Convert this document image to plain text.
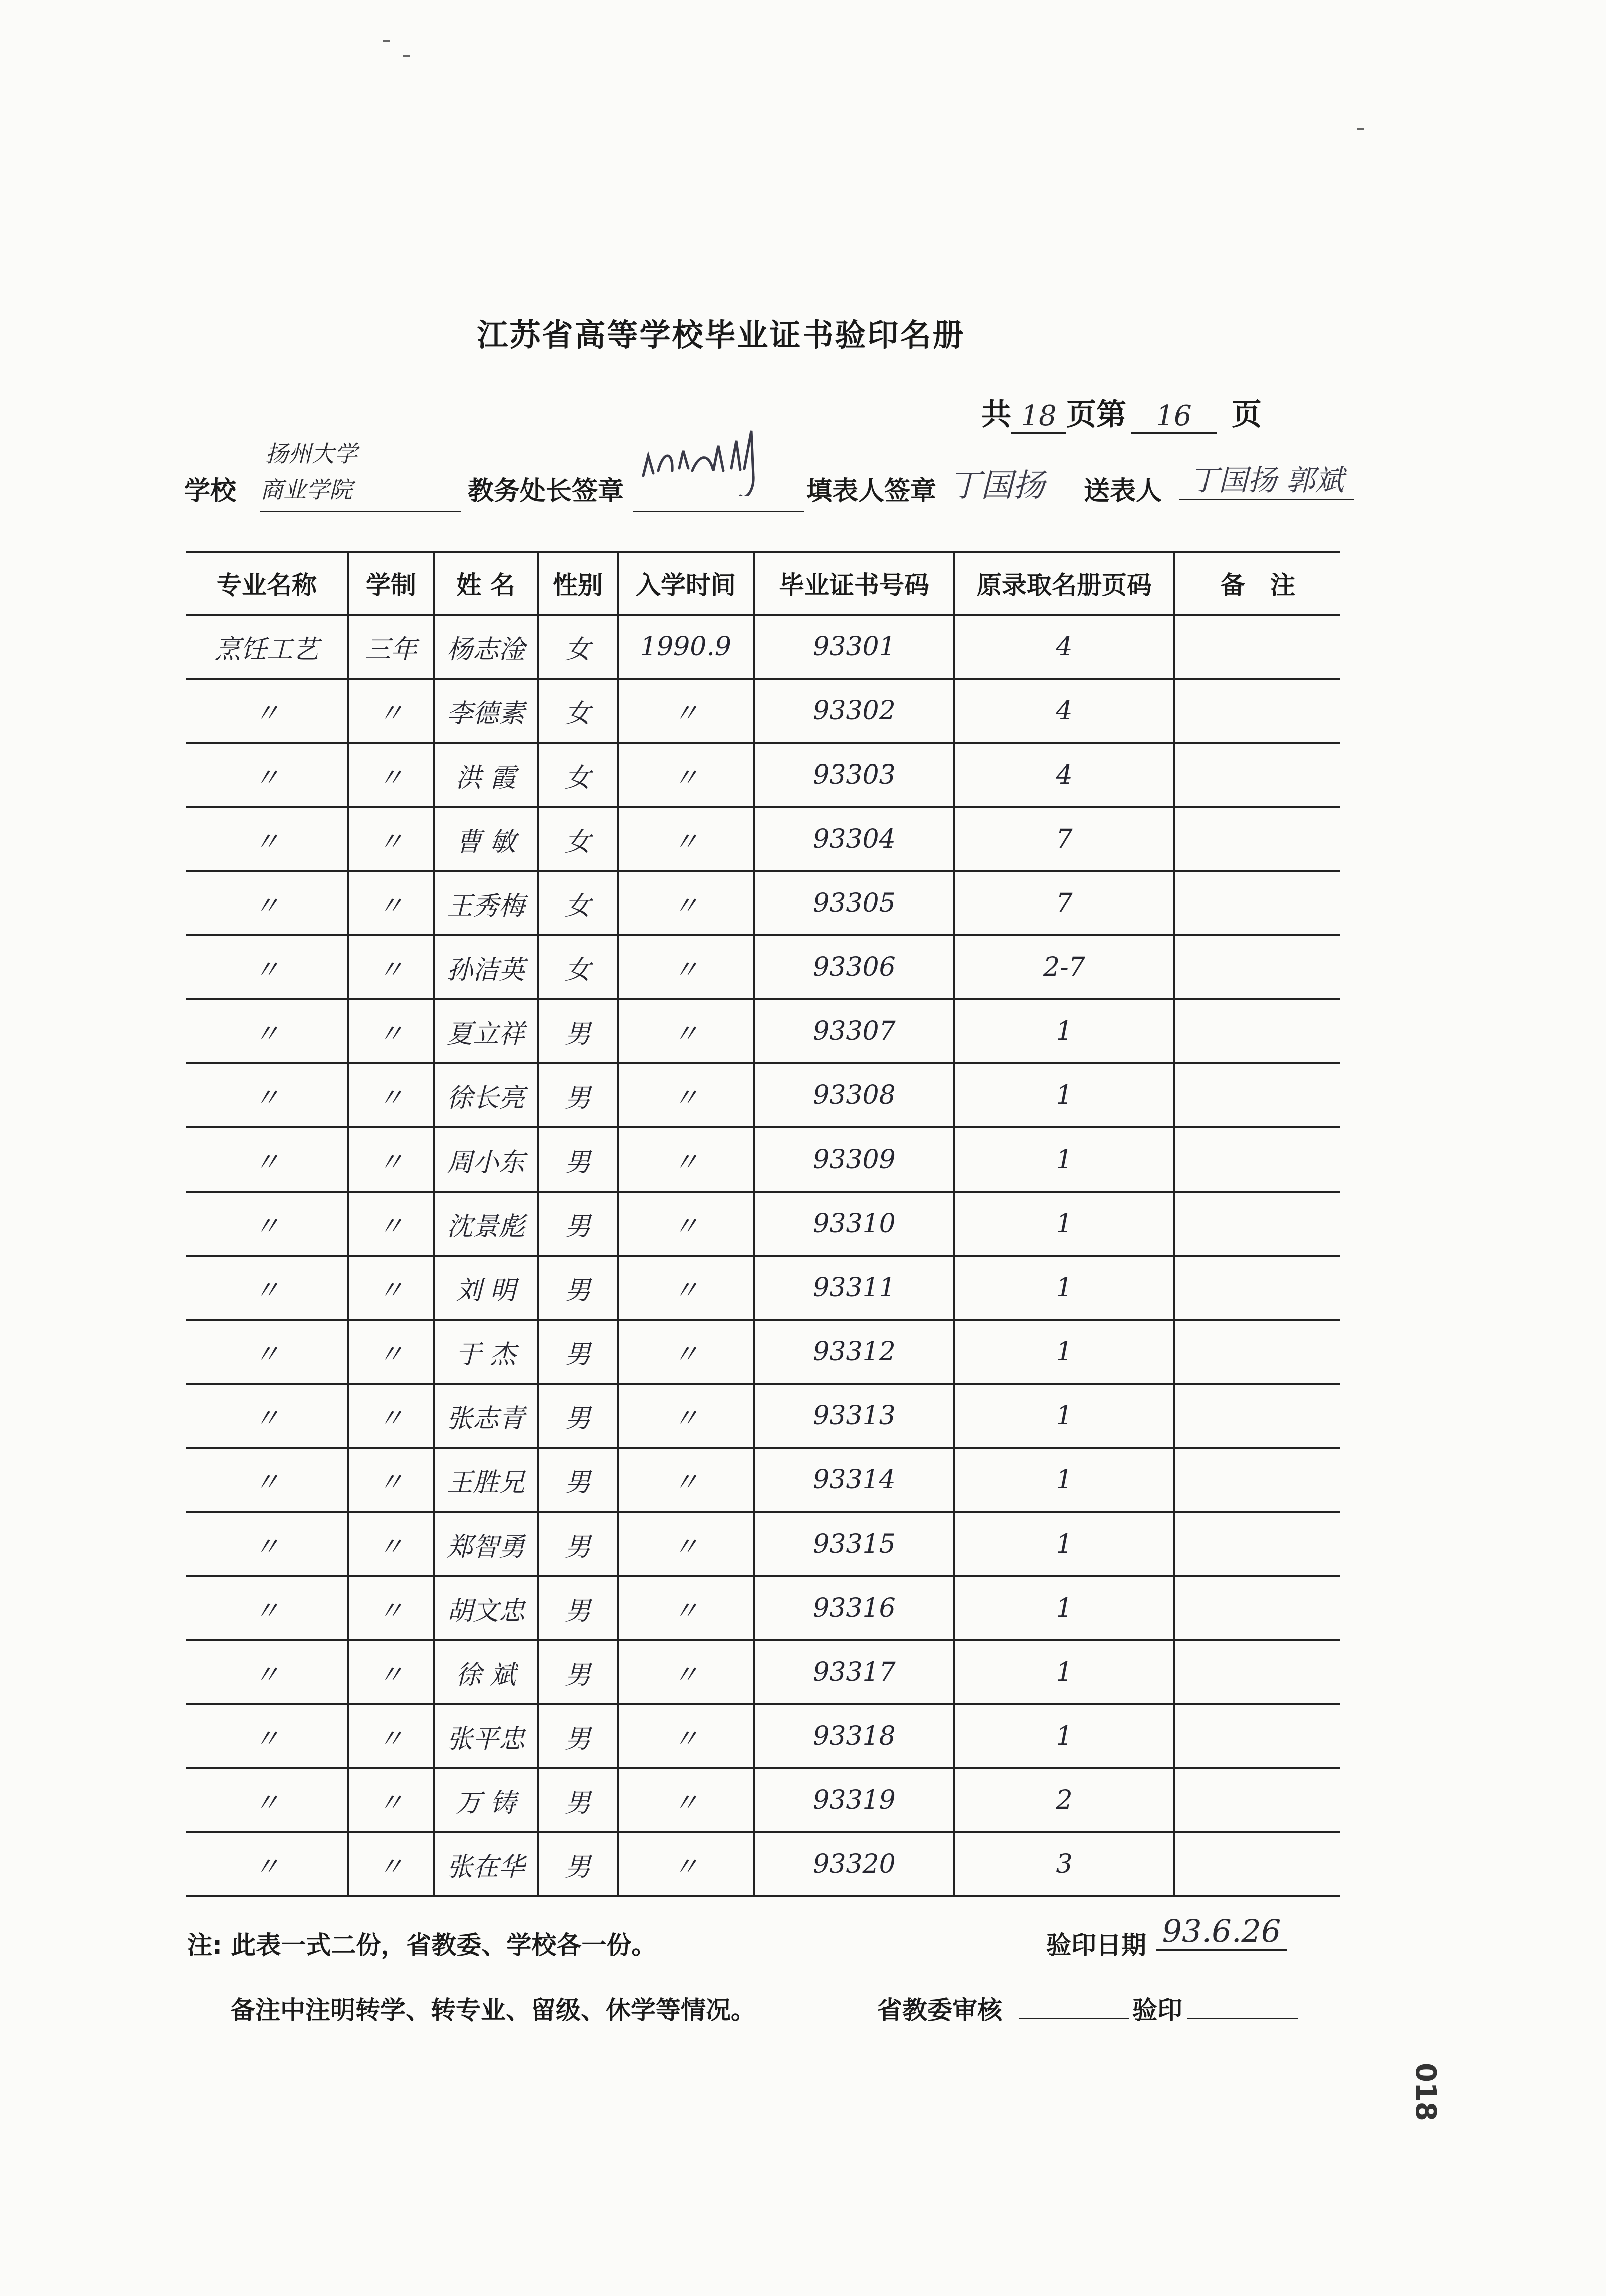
江苏省高等学校毕业证书验印名册
共 18 页第	16	页
学校
扬州大学
商业学院	教务处长签章	填表人签章 丁国扬 送表人 丁国扬 郭斌
专业名称	学制	姓 名	性别	入学时间	毕业证书号码	原录取名册页码	备　注
烹饪工艺	三年	杨志淦	女	1990.9	93301	4	
〃	〃	李德素	女	〃	93302	4	
〃	〃	洪 霞	女	〃	93303	4	
〃	〃	曹 敏	女	〃	93304	7	
〃	〃	王秀梅	女	〃	93305	7	
〃	〃	孙洁英	女	〃	93306	2-7	
〃	〃	夏立祥	男	〃	93307	1	
〃	〃	徐长亮	男	〃	93308	1	
〃	〃	周小东	男	〃	93309	1	
〃	〃	沈景彪	男	〃	93310	1	
〃	〃	刘 明	男	〃	93311	1	
〃	〃	于 杰	男	〃	93312	1	
〃	〃	张志青	男	〃	93313	1	
〃	〃	王胜兄	男	〃	93314	1	
〃	〃	郑智勇	男	〃	93315	1	
〃	〃	胡文忠	男	〃	93316	1	
〃	〃	徐 斌	男	〃	93317	1	
〃	〃	张平忠	男	〃	93318	1	
〃	〃	万 铸	男	〃	93319	2	
〃	〃	张在华	男	〃	93320	3	
注: 此表一式二份，省教委、学校各一份。	验印日期 93.6.26
备注中注明转学、转专业、留级、休学等情况。	省教委审核	验印
018
